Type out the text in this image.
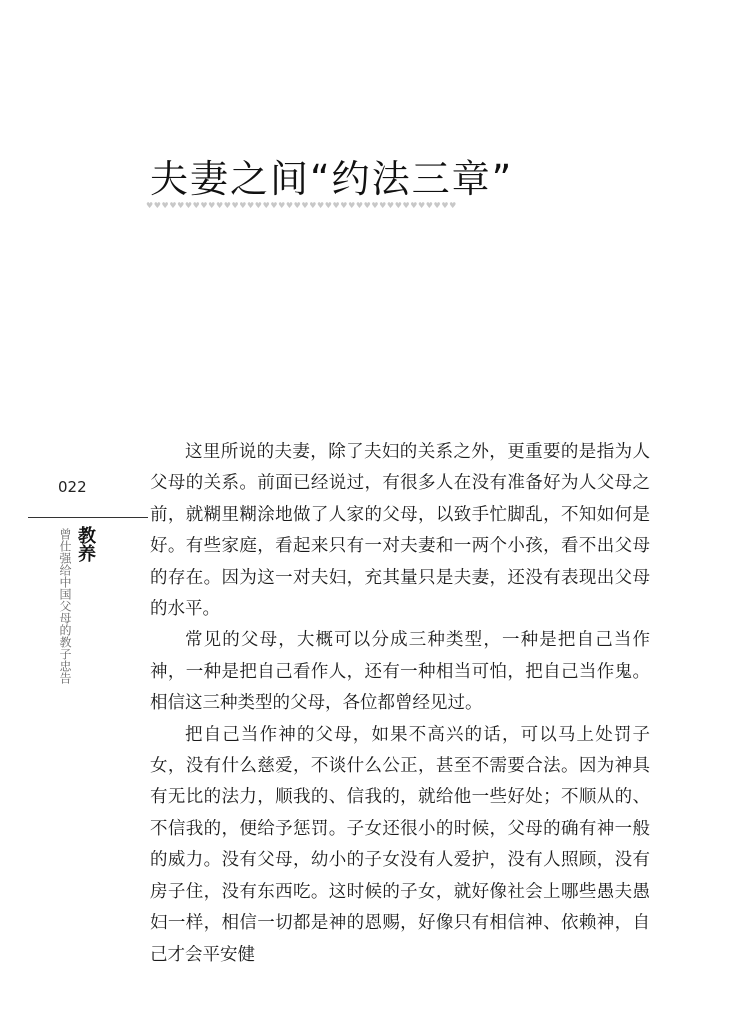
夫妻之间“约法三章”
♥♥♥♥♥♥♥♥♥♥♥♥♥♥♥♥♥♥♥♥♥♥♥♥♥♥♥♥♥♥♥♥♥♥♥♥♥♥♥♥
022
教养
曾仕强给中国父母的教子忠告

这里所说的夫妻，除了夫妇的关系之外，更重要的是指为人父母的关系。前面已经说过，有很多人在没有准备好为人父母之前，就糊里糊涂地做了人家的父母，以致手忙脚乱，不知如何是好。有些家庭，看起来只有一对夫妻和一两个小孩，看不出父母的存在。因为这一对夫妇，充其量只是夫妻，还没有表现出父母的水平。

常见的父母，大概可以分成三种类型，一种是把自己当作神，一种是把自己看作人，还有一种相当可怕，把自己当作鬼。相信这三种类型的父母，各位都曾经见过。

把自己当作神的父母，如果不高兴的话，可以马上处罚子女，没有什么慈爱，不谈什么公正，甚至不需要合法。因为神具有无比的法力，顺我的、信我的，就给他一些好处；不顺从的、不信我的，便给予惩罚。子女还很小的时候，父母的确有神一般的威力。没有父母，幼小的子女没有人爱护，没有人照顾，没有房子住，没有东西吃。这时候的子女，就好像社会上哪些愚夫愚妇一样，相信一切都是神的恩赐，好像只有相信神、依赖神，自己才会平安健
